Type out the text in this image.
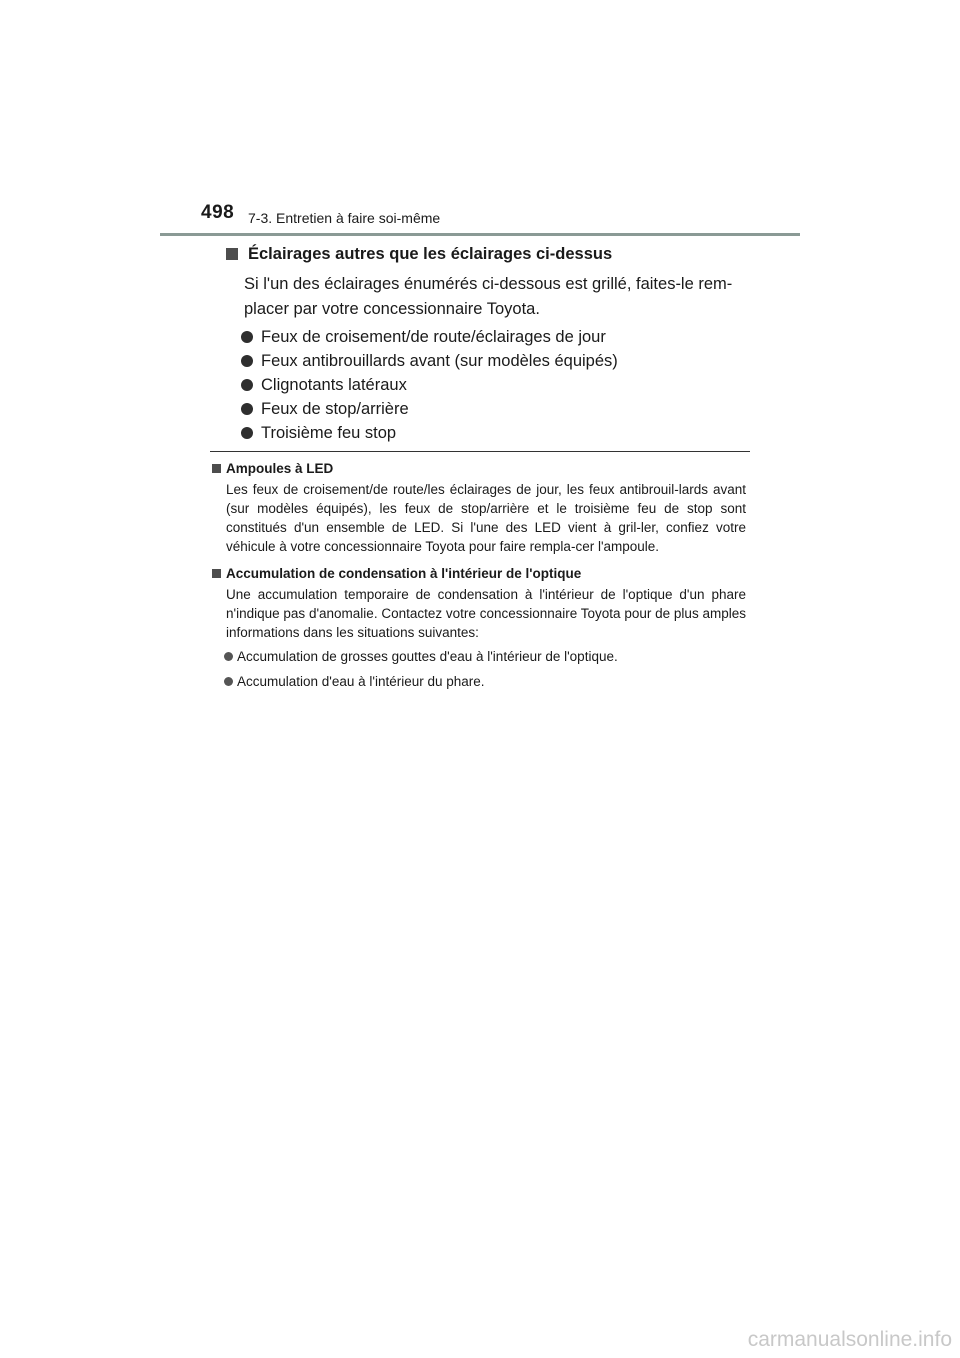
498 7-3. Entretien à faire soi-même
Éclairages autres que les éclairages ci-dessus
Si l'un des éclairages énumérés ci-dessous est grillé, faites-le rem-
placer par votre concessionnaire Toyota.
Feux de croisement/de route/éclairages de jour
Feux antibrouillards avant (sur modèles équipés)
Clignotants latéraux
Feux de stop/arrière
Troisième feu stop
Ampoules à LED
Les feux de croisement/de route/les éclairages de jour, les feux antibrouil-lards avant (sur modèles équipés), les feux de stop/arrière et le troisième feu de stop sont constitués d'un ensemble de LED. Si l'une des LED vient à gril-ler, confiez votre véhicule à votre concessionnaire Toyota pour faire rempla-cer l'ampoule.
Accumulation de condensation à l'intérieur de l'optique
Une accumulation temporaire de condensation à l'intérieur de l'optique d'un phare n'indique pas d'anomalie. Contactez votre concessionnaire Toyota pour de plus amples informations dans les situations suivantes:
Accumulation de grosses gouttes d'eau à l'intérieur de l'optique.
Accumulation d'eau à l'intérieur du phare.
carmanualsonline.info
